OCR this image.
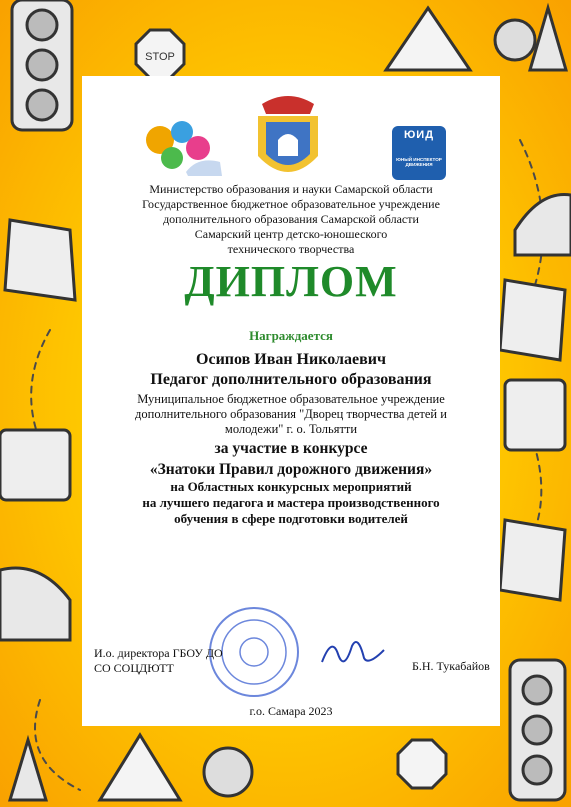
STOP
ЮИД
ЮНЫЙ ИНСПЕКТОР ДВИЖЕНИЯ
Министерство образования и науки Самарской области
Государственное бюджетное образовательное учреждение
дополнительного образования Самарской области
Самарский центр детско-юношеского
технического творчества
ДИПЛОМ
Награждается
Осипов Иван Николаевич
Педагог дополнительного образования
Муниципальное бюджетное образовательное учреждение
дополнительного образования "Дворец творчества детей и
молодежи" г. о. Тольятти
за участие в конкурсе
«Знатоки Правил дорожного движения»
на Областных конкурсных мероприятий
на лучшего педагога и мастера производственного
обучения в сфере подготовки водителей
И.о. директора ГБОУ ДО
СО СОЦДЮТТ	Б.Н. Тукабайов
г.о. Самара 2023
